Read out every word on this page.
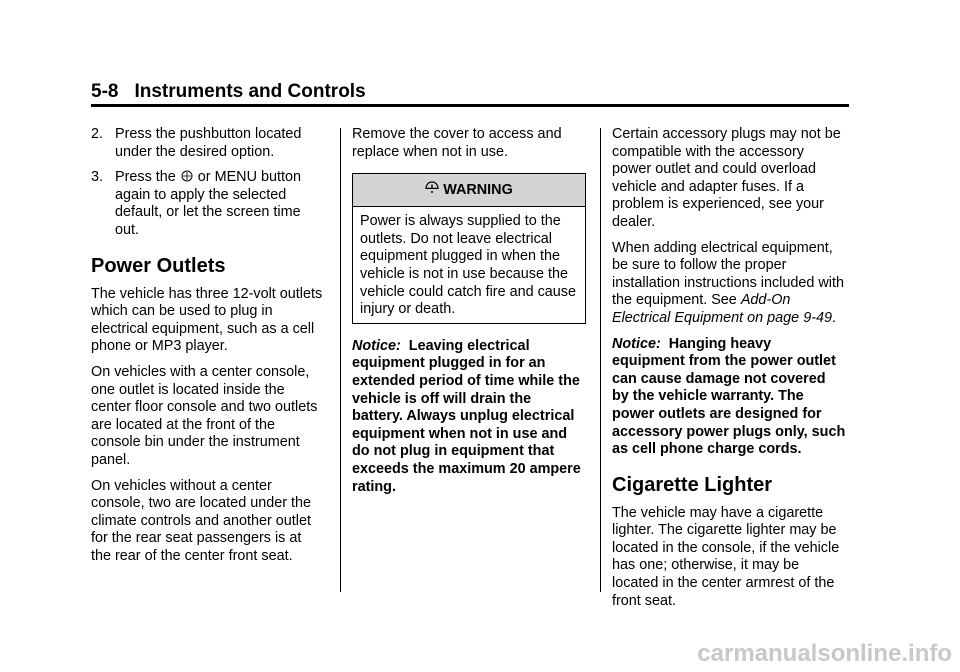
5-8 Instruments and Controls
2. Press the pushbutton located under the desired option.
3. Press the or MENU button again to apply the selected default, or let the screen time out.
Power Outlets

The vehicle has three 12-volt outlets which can be used to plug in electrical equipment, such as a cell phone or MP3 player.

On vehicles with a center console, one outlet is located inside the center floor console and two outlets are located at the front of the console bin under the instrument panel.

On vehicles without a center console, two are located under the climate controls and another outlet for the rear seat passengers is at the rear of the center front seat.

Remove the cover to access and replace when not in use.

WARNING
Power is always supplied to the outlets. Do not leave electrical equipment plugged in when the vehicle is not in use because the vehicle could catch fire and cause injury or death.

Notice: Leaving electrical equipment plugged in for an extended period of time while the vehicle is off will drain the battery. Always unplug electrical equipment when not in use and do not plug in equipment that exceeds the maximum 20 ampere rating.

Certain accessory plugs may not be compatible with the accessory power outlet and could overload vehicle and adapter fuses. If a problem is experienced, see your dealer.

When adding electrical equipment, be sure to follow the proper installation instructions included with the equipment. See Add-On Electrical Equipment on page 9-49.

Notice: Hanging heavy equipment from the power outlet can cause damage not covered by the vehicle warranty. The power outlets are designed for accessory power plugs only, such as cell phone charge cords.

Cigarette Lighter

The vehicle may have a cigarette lighter. The cigarette lighter may be located in the console, if the vehicle has one; otherwise, it may be located in the center armrest of the front seat.

carmanualsonline.info
